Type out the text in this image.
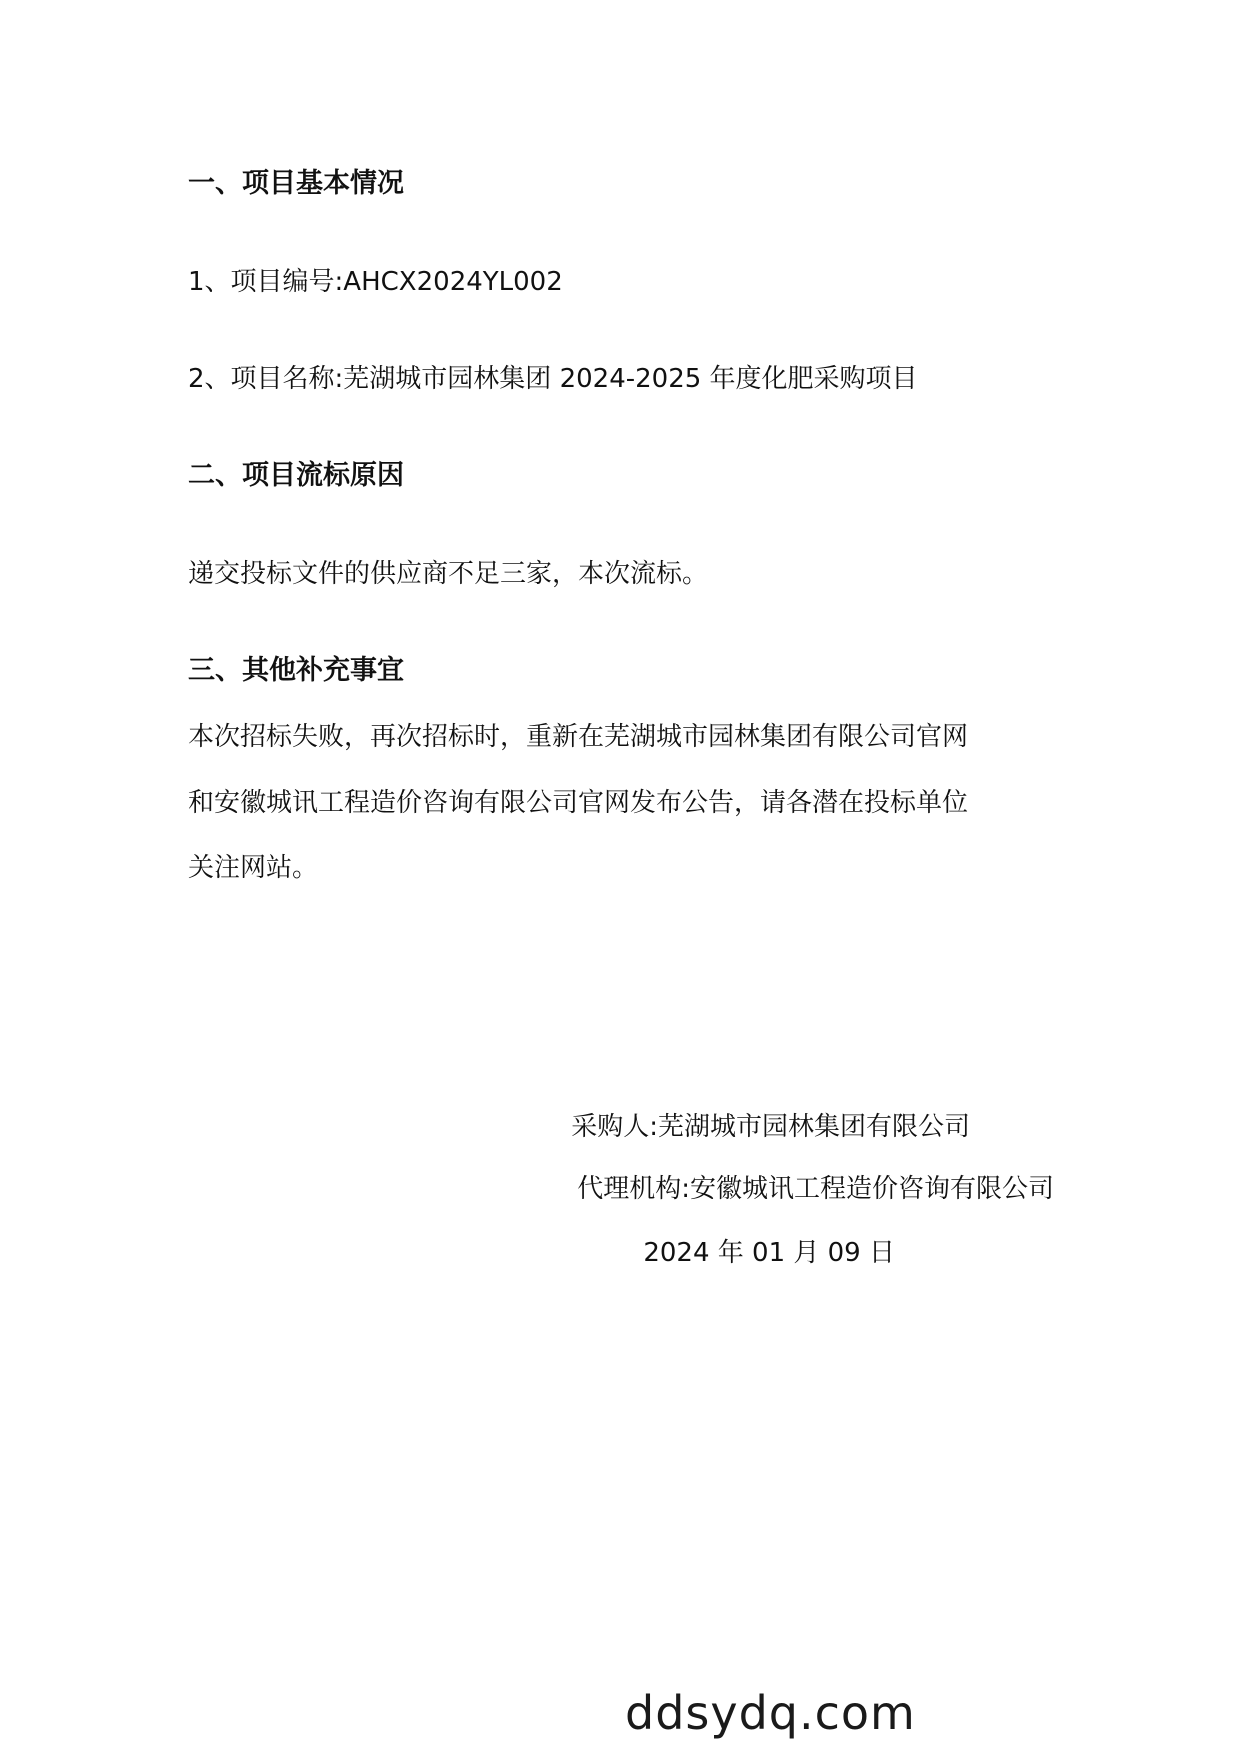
一、项目基本情况
1、项目编号:AHCX2024YL002
2、项目名称:芜湖城市园林集团 2024-2025 年度化肥采购项目
二、项目流标原因
递交投标文件的供应商不足三家，本次流标。
三、其他补充事宜
本次招标失败，再次招标时，重新在芜湖城市园林集团有限公司官网
和安徽城讯工程造价咨询有限公司官网发布公告，请各潜在投标单位
关注网站。
采购人:芜湖城市园林集团有限公司
代理机构:安徽城讯工程造价咨询有限公司
2024 年 01 月 09 日
ddsydq.com
